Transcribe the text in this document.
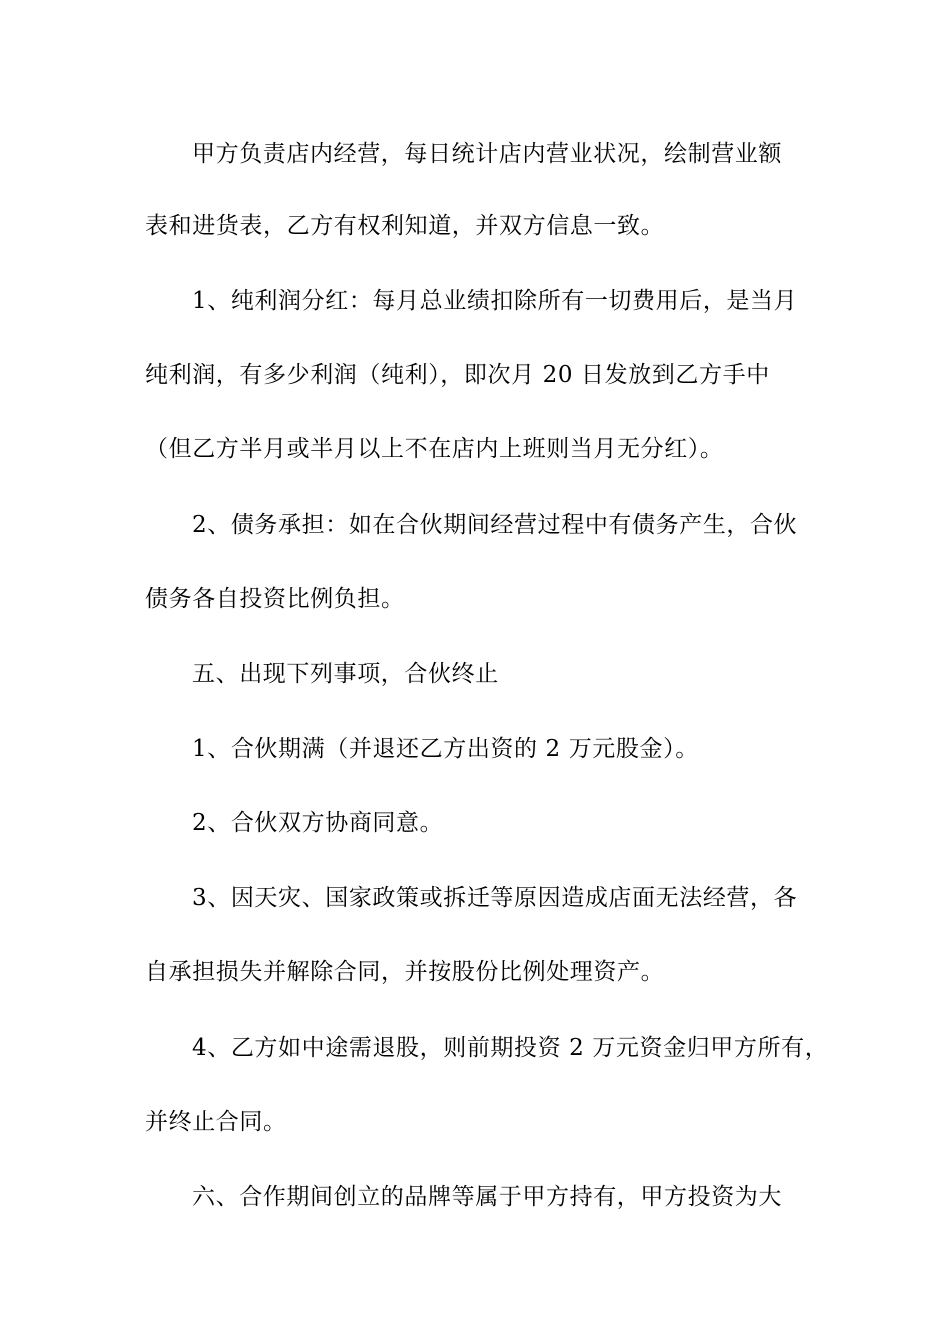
甲方负责店内经营，每日统计店内营业状况，绘制营业额
表和进货表，乙方有权利知道，并双方信息一致。
1、纯利润分红：每月总业绩扣除所有一切费用后，是当月
纯利润，有多少利润（纯利），即次月 20 日发放到乙方手中
（但乙方半月或半月以上不在店内上班则当月无分红）。
2、债务承担：如在合伙期间经营过程中有债务产生，合伙
债务各自投资比例负担。
五、出现下列事项，合伙终止
1、合伙期满（并退还乙方出资的 2 万元股金）。
2、合伙双方协商同意。
3、因天灾、国家政策或拆迁等原因造成店面无法经营，各
自承担损失并解除合同，并按股份比例处理资产。
4、乙方如中途需退股，则前期投资 2 万元资金归甲方所有，
并终止合同。
六、合作期间创立的品牌等属于甲方持有，甲方投资为大
